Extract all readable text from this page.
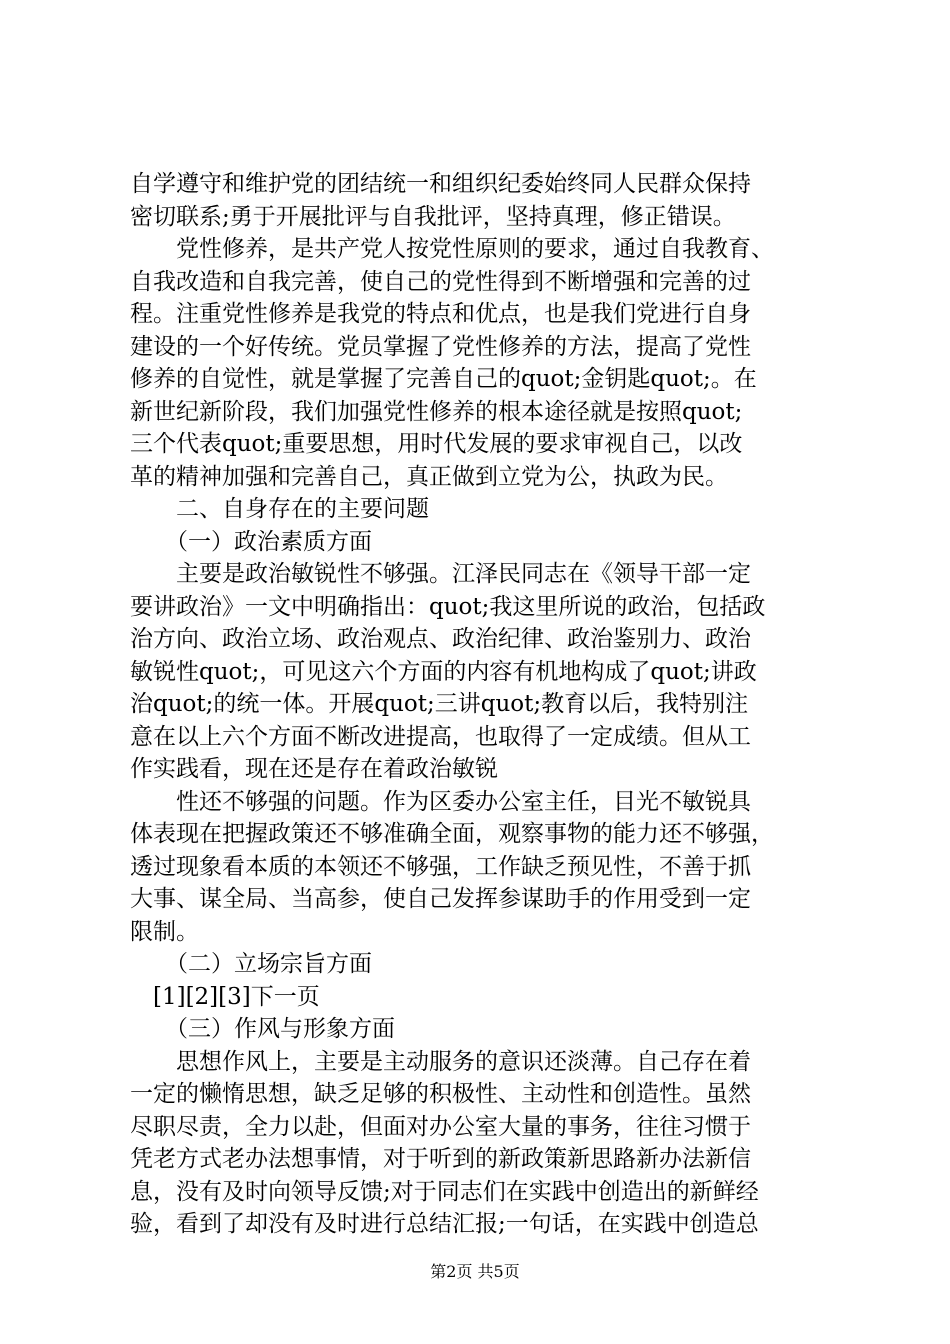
自学遵守和维护党的团结统一和组织纪委始终同人民群众保持
密切联系;勇于开展批评与自我批评，坚持真理，修正错误。
党性修养，是共产党人按党性原则的要求，通过自我教育、
自我改造和自我完善，使自己的党性得到不断增强和完善的过
程。注重党性修养是我党的特点和优点，也是我们党进行自身
建设的一个好传统。党员掌握了党性修养的方法，提高了党性
修养的自觉性，就是掌握了完善自己的quot;金钥匙quot;。在
新世纪新阶段，我们加强党性修养的根本途径就是按照quot;
三个代表quot;重要思想，用时代发展的要求审视自己，以改
革的精神加强和完善自己，真正做到立党为公，执政为民。
二、自身存在的主要问题
（一）政治素质方面
主要是政治敏锐性不够强。江泽民同志在《领导干部一定
要讲政治》一文中明确指出：quot;我这里所说的政治，包括政
治方向、政治立场、政治观点、政治纪律、政治鉴别力、政治
敏锐性quot;，可见这六个方面的内容有机地构成了quot;讲政
治quot;的统一体。开展quot;三讲quot;教育以后，我特别注
意在以上六个方面不断改进提高，也取得了一定成绩。但从工
作实践看，现在还是存在着政治敏锐
性还不够强的问题。作为区委办公室主任，目光不敏锐具
体表现在把握政策还不够准确全面，观察事物的能力还不够强，
透过现象看本质的本领还不够强，工作缺乏预见性，不善于抓
大事、谋全局、当高参，使自己发挥参谋助手的作用受到一定
限制。
（二）立场宗旨方面
[1][2][3]下一页
（三）作风与形象方面
思想作风上，主要是主动服务的意识还淡薄。自己存在着
一定的懒惰思想，缺乏足够的积极性、主动性和创造性。虽然
尽职尽责，全力以赴，但面对办公室大量的事务，往往习惯于
凭老方式老办法想事情，对于听到的新政策新思路新办法新信
息，没有及时向领导反馈;对于同志们在实践中创造出的新鲜经
验，看到了却没有及时进行总结汇报;一句话，在实践中创造总
第2页 共5页
